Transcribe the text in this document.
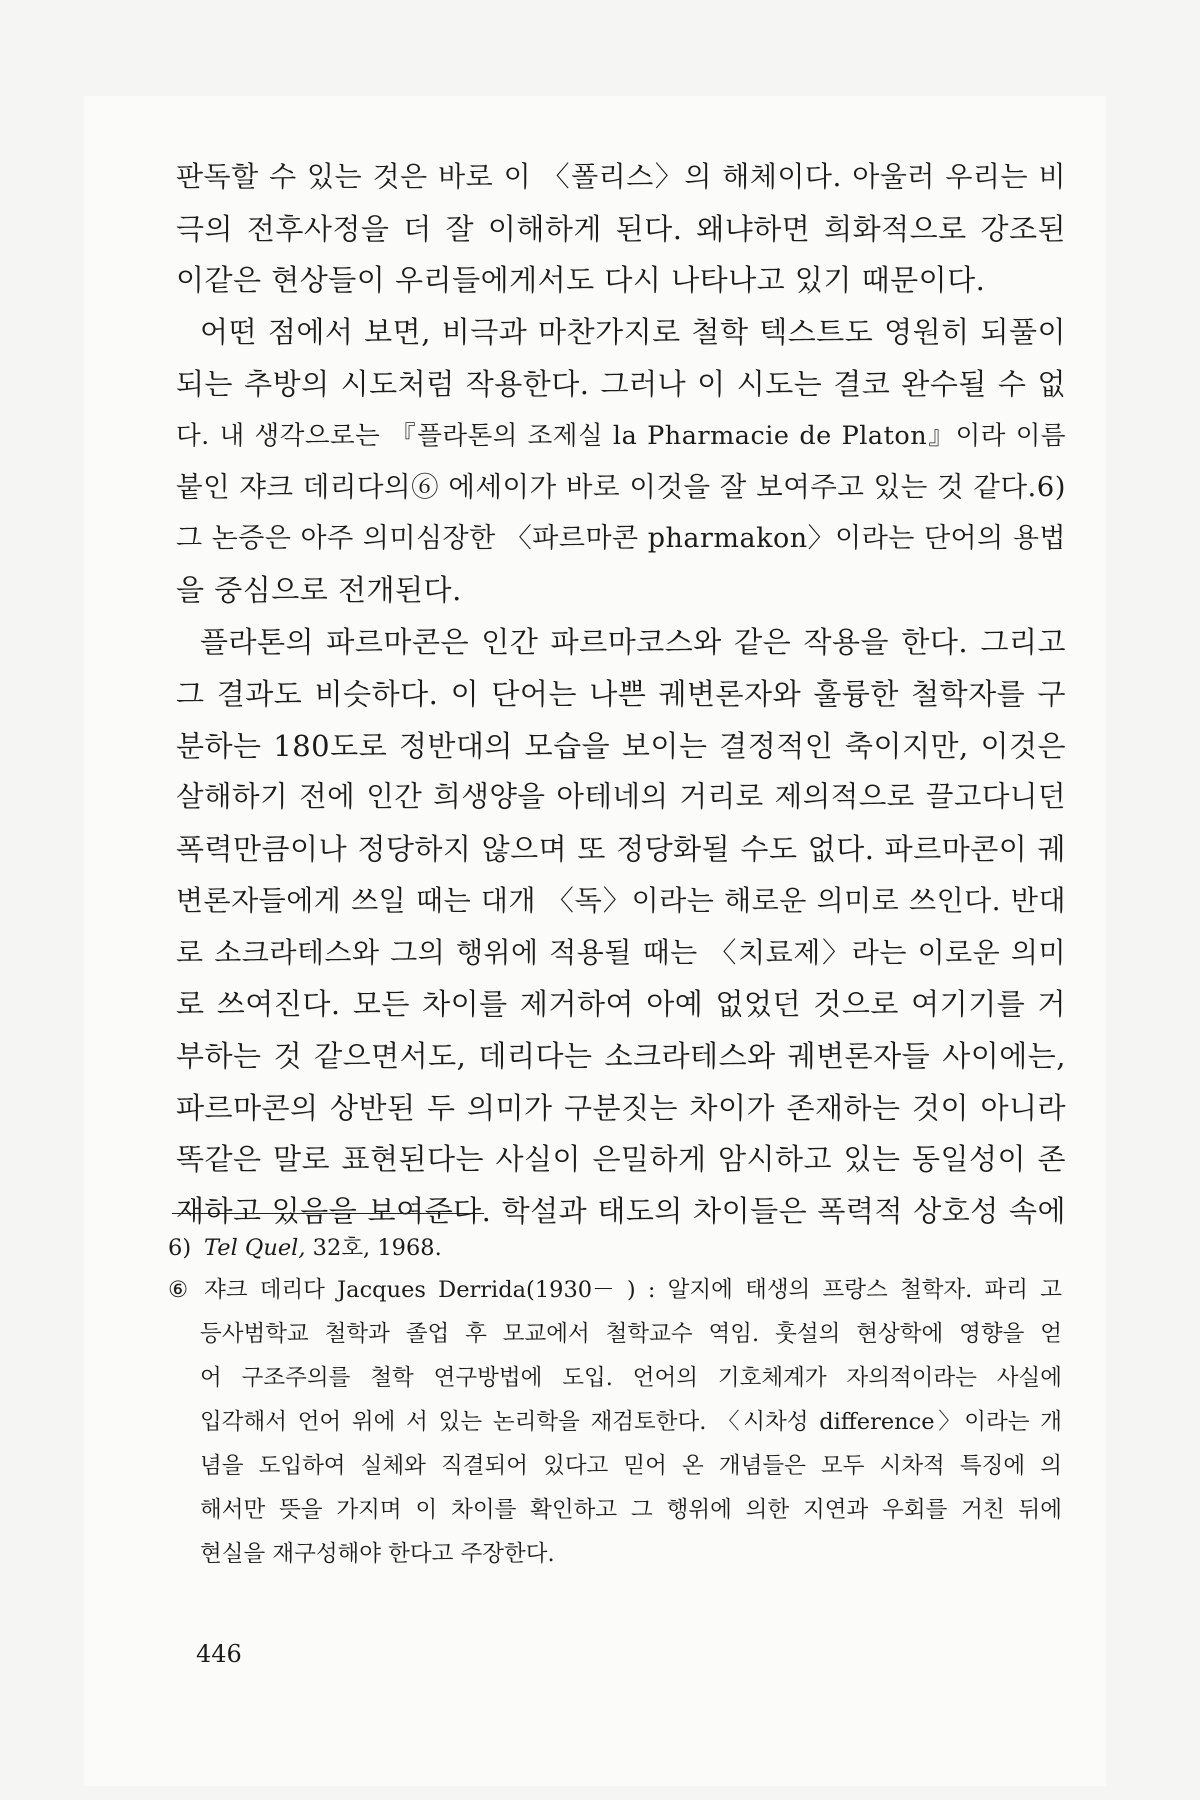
판독할 수 있는 것은 바로 이 〈폴리스〉의 해체이다. 아울러 우리는 비

극의 전후사정을 더 잘 이해하게 된다. 왜냐하면 희화적으로 강조된

이같은 현상들이 우리들에게서도 다시 나타나고 있기 때문이다.

어떤 점에서 보면, 비극과 마찬가지로 철학 텍스트도 영원히 되풀이

되는 추방의 시도처럼 작용한다. 그러나 이 시도는 결코 완수될 수 없

다. 내 생각으로는 『플라톤의 조제실 la Pharmacie de Platon』이라 이름

붙인 쟈크 데리다의⑥ 에세이가 바로 이것을 잘 보여주고 있는 것 같다.6)

그 논증은 아주 의미심장한 〈파르마콘 pharmakon〉이라는 단어의 용법

을 중심으로 전개된다.

플라톤의 파르마콘은 인간 파르마코스와 같은 작용을 한다. 그리고

그 결과도 비슷하다. 이 단어는 나쁜 궤변론자와 훌륭한 철학자를 구

분하는 180도로 정반대의 모습을 보이는 결정적인 축이지만, 이것은

살해하기 전에 인간 희생양을 아테네의 거리로 제의적으로 끌고다니던

폭력만큼이나 정당하지 않으며 또 정당화될 수도 없다. 파르마콘이 궤

변론자들에게 쓰일 때는 대개 〈독〉이라는 해로운 의미로 쓰인다. 반대

로 소크라테스와 그의 행위에 적용될 때는 〈치료제〉라는 이로운 의미

로 쓰여진다. 모든 차이를 제거하여 아예 없었던 것으로 여기기를 거

부하는 것 같으면서도, 데리다는 소크라테스와 궤변론자들 사이에는,

파르마콘의 상반된 두 의미가 구분짓는 차이가 존재하는 것이 아니라

똑같은 말로 표현된다는 사실이 은밀하게 암시하고 있는 동일성이 존

재하고 있음을 보여준다. 학설과 태도의 차이들은 폭력적 상호성 속에

6) Tel Quel, 32호, 1968.

⑥ 쟈크 데리다 Jacques Derrida(1930－ ) : 알지에 태생의 프랑스 철학자. 파리 고

등사범학교 철학과 졸업 후 모교에서 철학교수 역임. 훗설의 현상학에 영향을 얻

어 구조주의를 철학 연구방법에 도입. 언어의 기호체계가 자의적이라는 사실에

입각해서 언어 위에 서 있는 논리학을 재검토한다. 〈시차성 difference〉이라는 개

념을 도입하여 실체와 직결되어 있다고 믿어 온 개념들은 모두 시차적 특징에 의

해서만 뜻을 가지며 이 차이를 확인하고 그 행위에 의한 지연과 우회를 거친 뒤에

현실을 재구성해야 한다고 주장한다.

446
